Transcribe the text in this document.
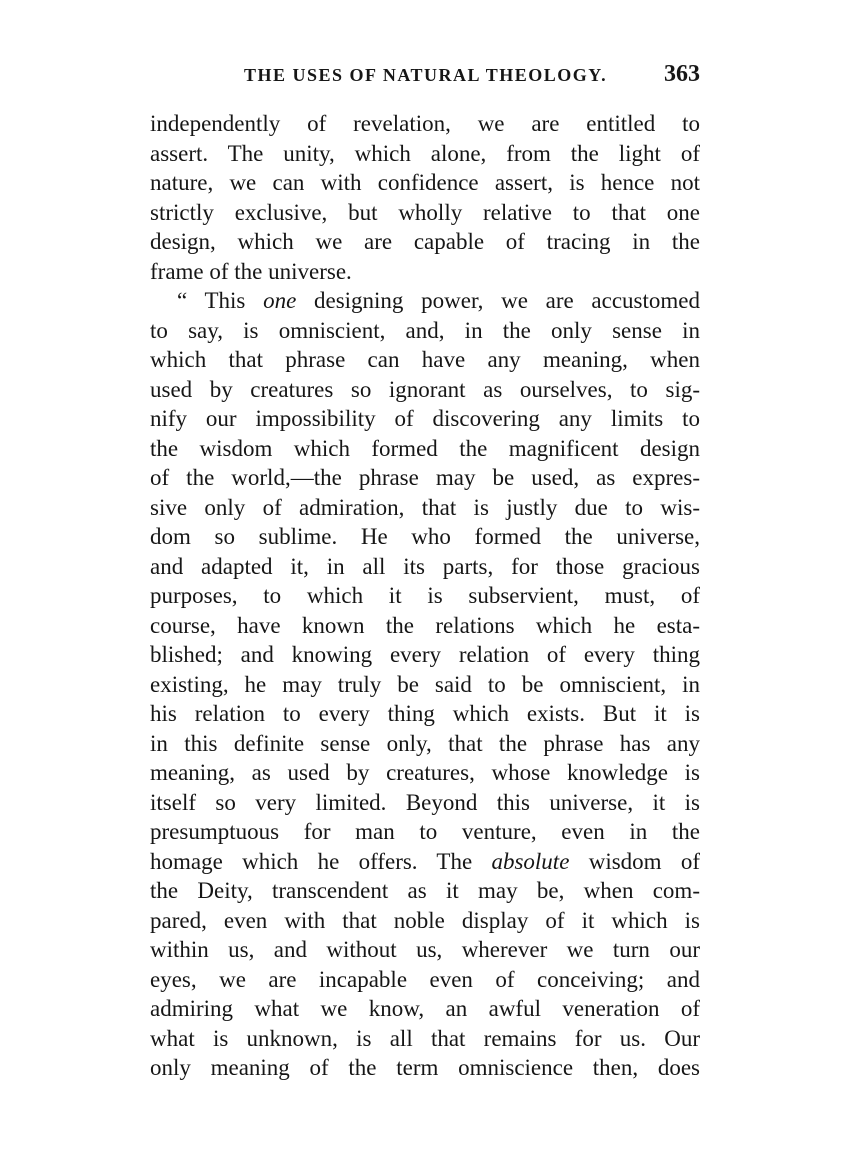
THE USES OF NATURAL THEOLOGY. 363
independently of revelation, we are entitled to
assert. The unity, which alone, from the light of
nature, we can with confidence assert, is hence not
strictly exclusive, but wholly relative to that one
design, which we are capable of tracing in the
frame of the universe.
“ This one designing power, we are accustomed
to say, is omniscient, and, in the only sense in
which that phrase can have any meaning, when
used by creatures so ignorant as ourselves, to sig-
nify our impossibility of discovering any limits to
the wisdom which formed the magnificent design
of the world,—the phrase may be used, as expres-
sive only of admiration, that is justly due to wis-
dom so sublime. He who formed the universe,
and adapted it, in all its parts, for those gracious
purposes, to which it is subservient, must, of
course, have known the relations which he esta-
blished; and knowing every relation of every thing
existing, he may truly be said to be omniscient, in
his relation to every thing which exists. But it is
in this definite sense only, that the phrase has any
meaning, as used by creatures, whose knowledge is
itself so very limited. Beyond this universe, it is
presumptuous for man to venture, even in the
homage which he offers. The absolute wisdom of
the Deity, transcendent as it may be, when com-
pared, even with that noble display of it which is
within us, and without us, wherever we turn our
eyes, we are incapable even of conceiving; and
admiring what we know, an awful veneration of
what is unknown, is all that remains for us. Our
only meaning of the term omniscience then, does
